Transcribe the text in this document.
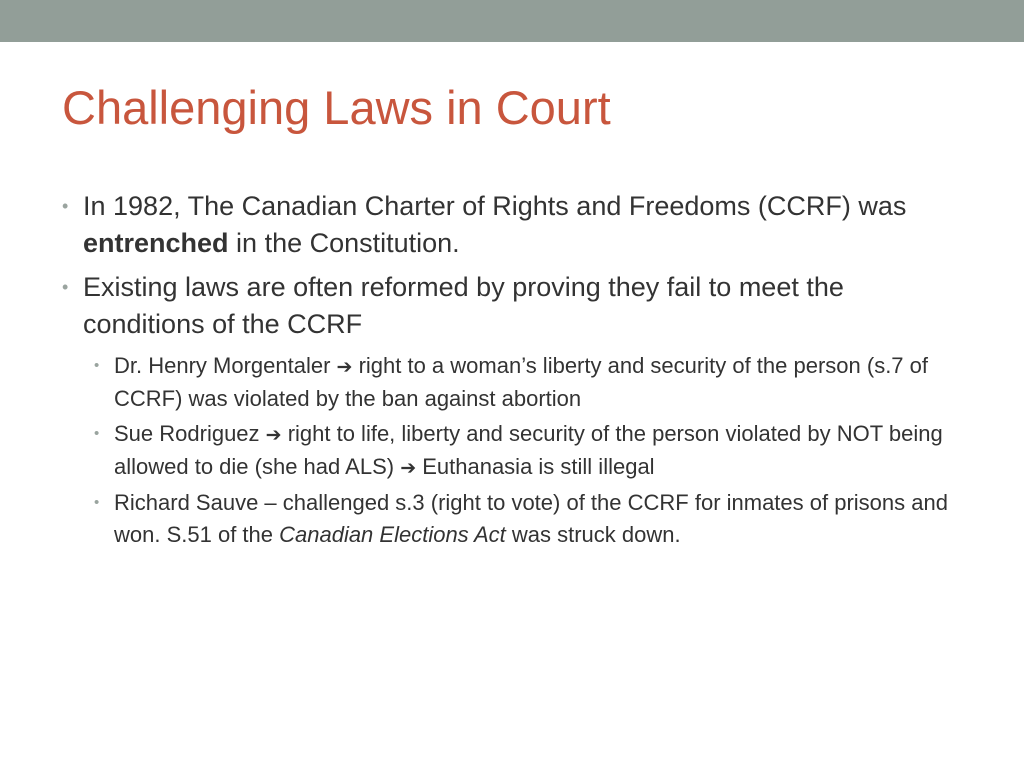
Challenging Laws in Court
• In 1982, The Canadian Charter of Rights and Freedoms (CCRF) was entrenched in the Constitution.
• Existing laws are often reformed by proving they fail to meet the conditions of the CCRF
• Dr. Henry Morgentaler ➔ right to a woman’s liberty and security of the person (s.7 of CCRF) was violated by the ban against abortion
• Sue Rodriguez ➔ right to life, liberty and security of the person violated by NOT being allowed to die (she had ALS) ➔ Euthanasia is still illegal
• Richard Sauve – challenged s.3 (right to vote) of the CCRF for inmates of prisons and won. S.51 of the Canadian Elections Act was struck down.
